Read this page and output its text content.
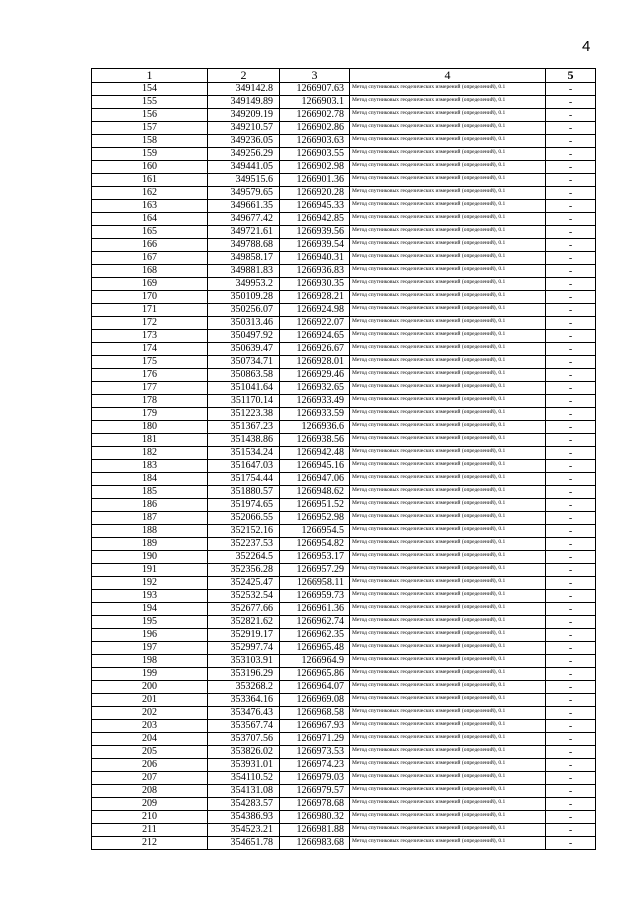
4
1	2	3	4	5
154	349142.8	1266907.63	Метод спутниковых геодезических измерений (определений), 0.1	-
155	349149.89	1266903.1	Метод спутниковых геодезических измерений (определений), 0.1	-
156	349209.19	1266902.78	Метод спутниковых геодезических измерений (определений), 0.1	-
157	349210.57	1266902.86	Метод спутниковых геодезических измерений (определений), 0.1	-
158	349236.05	1266903.63	Метод спутниковых геодезических измерений (определений), 0.1	-
159	349256.29	1266903.55	Метод спутниковых геодезических измерений (определений), 0.1	-
160	349441.05	1266902.98	Метод спутниковых геодезических измерений (определений), 0.1	-
161	349515.6	1266901.36	Метод спутниковых геодезических измерений (определений), 0.1	-
162	349579.65	1266920.28	Метод спутниковых геодезических измерений (определений), 0.1	-
163	349661.35	1266945.33	Метод спутниковых геодезических измерений (определений), 0.1	-
164	349677.42	1266942.85	Метод спутниковых геодезических измерений (определений), 0.1	-
165	349721.61	1266939.56	Метод спутниковых геодезических измерений (определений), 0.1	-
166	349788.68	1266939.54	Метод спутниковых геодезических измерений (определений), 0.1	-
167	349858.17	1266940.31	Метод спутниковых геодезических измерений (определений), 0.1	-
168	349881.83	1266936.83	Метод спутниковых геодезических измерений (определений), 0.1	-
169	349953.2	1266930.35	Метод спутниковых геодезических измерений (определений), 0.1	-
170	350109.28	1266928.21	Метод спутниковых геодезических измерений (определений), 0.1	-
171	350256.07	1266924.98	Метод спутниковых геодезических измерений (определений), 0.1	-
172	350313.46	1266922.07	Метод спутниковых геодезических измерений (определений), 0.1	-
173	350497.92	1266924.65	Метод спутниковых геодезических измерений (определений), 0.1	-
174	350639.47	1266926.67	Метод спутниковых геодезических измерений (определений), 0.1	-
175	350734.71	1266928.01	Метод спутниковых геодезических измерений (определений), 0.1	-
176	350863.58	1266929.46	Метод спутниковых геодезических измерений (определений), 0.1	-
177	351041.64	1266932.65	Метод спутниковых геодезических измерений (определений), 0.1	-
178	351170.14	1266933.49	Метод спутниковых геодезических измерений (определений), 0.1	-
179	351223.38	1266933.59	Метод спутниковых геодезических измерений (определений), 0.1	-
180	351367.23	1266936.6	Метод спутниковых геодезических измерений (определений), 0.1	-
181	351438.86	1266938.56	Метод спутниковых геодезических измерений (определений), 0.1	-
182	351534.24	1266942.48	Метод спутниковых геодезических измерений (определений), 0.1	-
183	351647.03	1266945.16	Метод спутниковых геодезических измерений (определений), 0.1	-
184	351754.44	1266947.06	Метод спутниковых геодезических измерений (определений), 0.1	-
185	351880.57	1266948.62	Метод спутниковых геодезических измерений (определений), 0.1	-
186	351974.65	1266951.52	Метод спутниковых геодезических измерений (определений), 0.1	-
187	352066.55	1266952.98	Метод спутниковых геодезических измерений (определений), 0.1	-
188	352152.16	1266954.5	Метод спутниковых геодезических измерений (определений), 0.1	-
189	352237.53	1266954.82	Метод спутниковых геодезических измерений (определений), 0.1	-
190	352264.5	1266953.17	Метод спутниковых геодезических измерений (определений), 0.1	-
191	352356.28	1266957.29	Метод спутниковых геодезических измерений (определений), 0.1	-
192	352425.47	1266958.11	Метод спутниковых геодезических измерений (определений), 0.1	-
193	352532.54	1266959.73	Метод спутниковых геодезических измерений (определений), 0.1	-
194	352677.66	1266961.36	Метод спутниковых геодезических измерений (определений), 0.1	-
195	352821.62	1266962.74	Метод спутниковых геодезических измерений (определений), 0.1	-
196	352919.17	1266962.35	Метод спутниковых геодезических измерений (определений), 0.1	-
197	352997.74	1266965.48	Метод спутниковых геодезических измерений (определений), 0.1	-
198	353103.91	1266964.9	Метод спутниковых геодезических измерений (определений), 0.1	-
199	353196.29	1266965.86	Метод спутниковых геодезических измерений (определений), 0.1	-
200	353268.2	1266964.07	Метод спутниковых геодезических измерений (определений), 0.1	-
201	353364.16	1266969.08	Метод спутниковых геодезических измерений (определений), 0.1	-
202	353476.43	1266968.58	Метод спутниковых геодезических измерений (определений), 0.1	-
203	353567.74	1266967.93	Метод спутниковых геодезических измерений (определений), 0.1	-
204	353707.56	1266971.29	Метод спутниковых геодезических измерений (определений), 0.1	-
205	353826.02	1266973.53	Метод спутниковых геодезических измерений (определений), 0.1	-
206	353931.01	1266974.23	Метод спутниковых геодезических измерений (определений), 0.1	-
207	354110.52	1266979.03	Метод спутниковых геодезических измерений (определений), 0.1	-
208	354131.08	1266979.57	Метод спутниковых геодезических измерений (определений), 0.1	-
209	354283.57	1266978.68	Метод спутниковых геодезических измерений (определений), 0.1	-
210	354386.93	1266980.32	Метод спутниковых геодезических измерений (определений), 0.1	-
211	354523.21	1266981.88	Метод спутниковых геодезических измерений (определений), 0.1	-
212	354651.78	1266983.68	Метод спутниковых геодезических измерений (определений), 0.1	-
